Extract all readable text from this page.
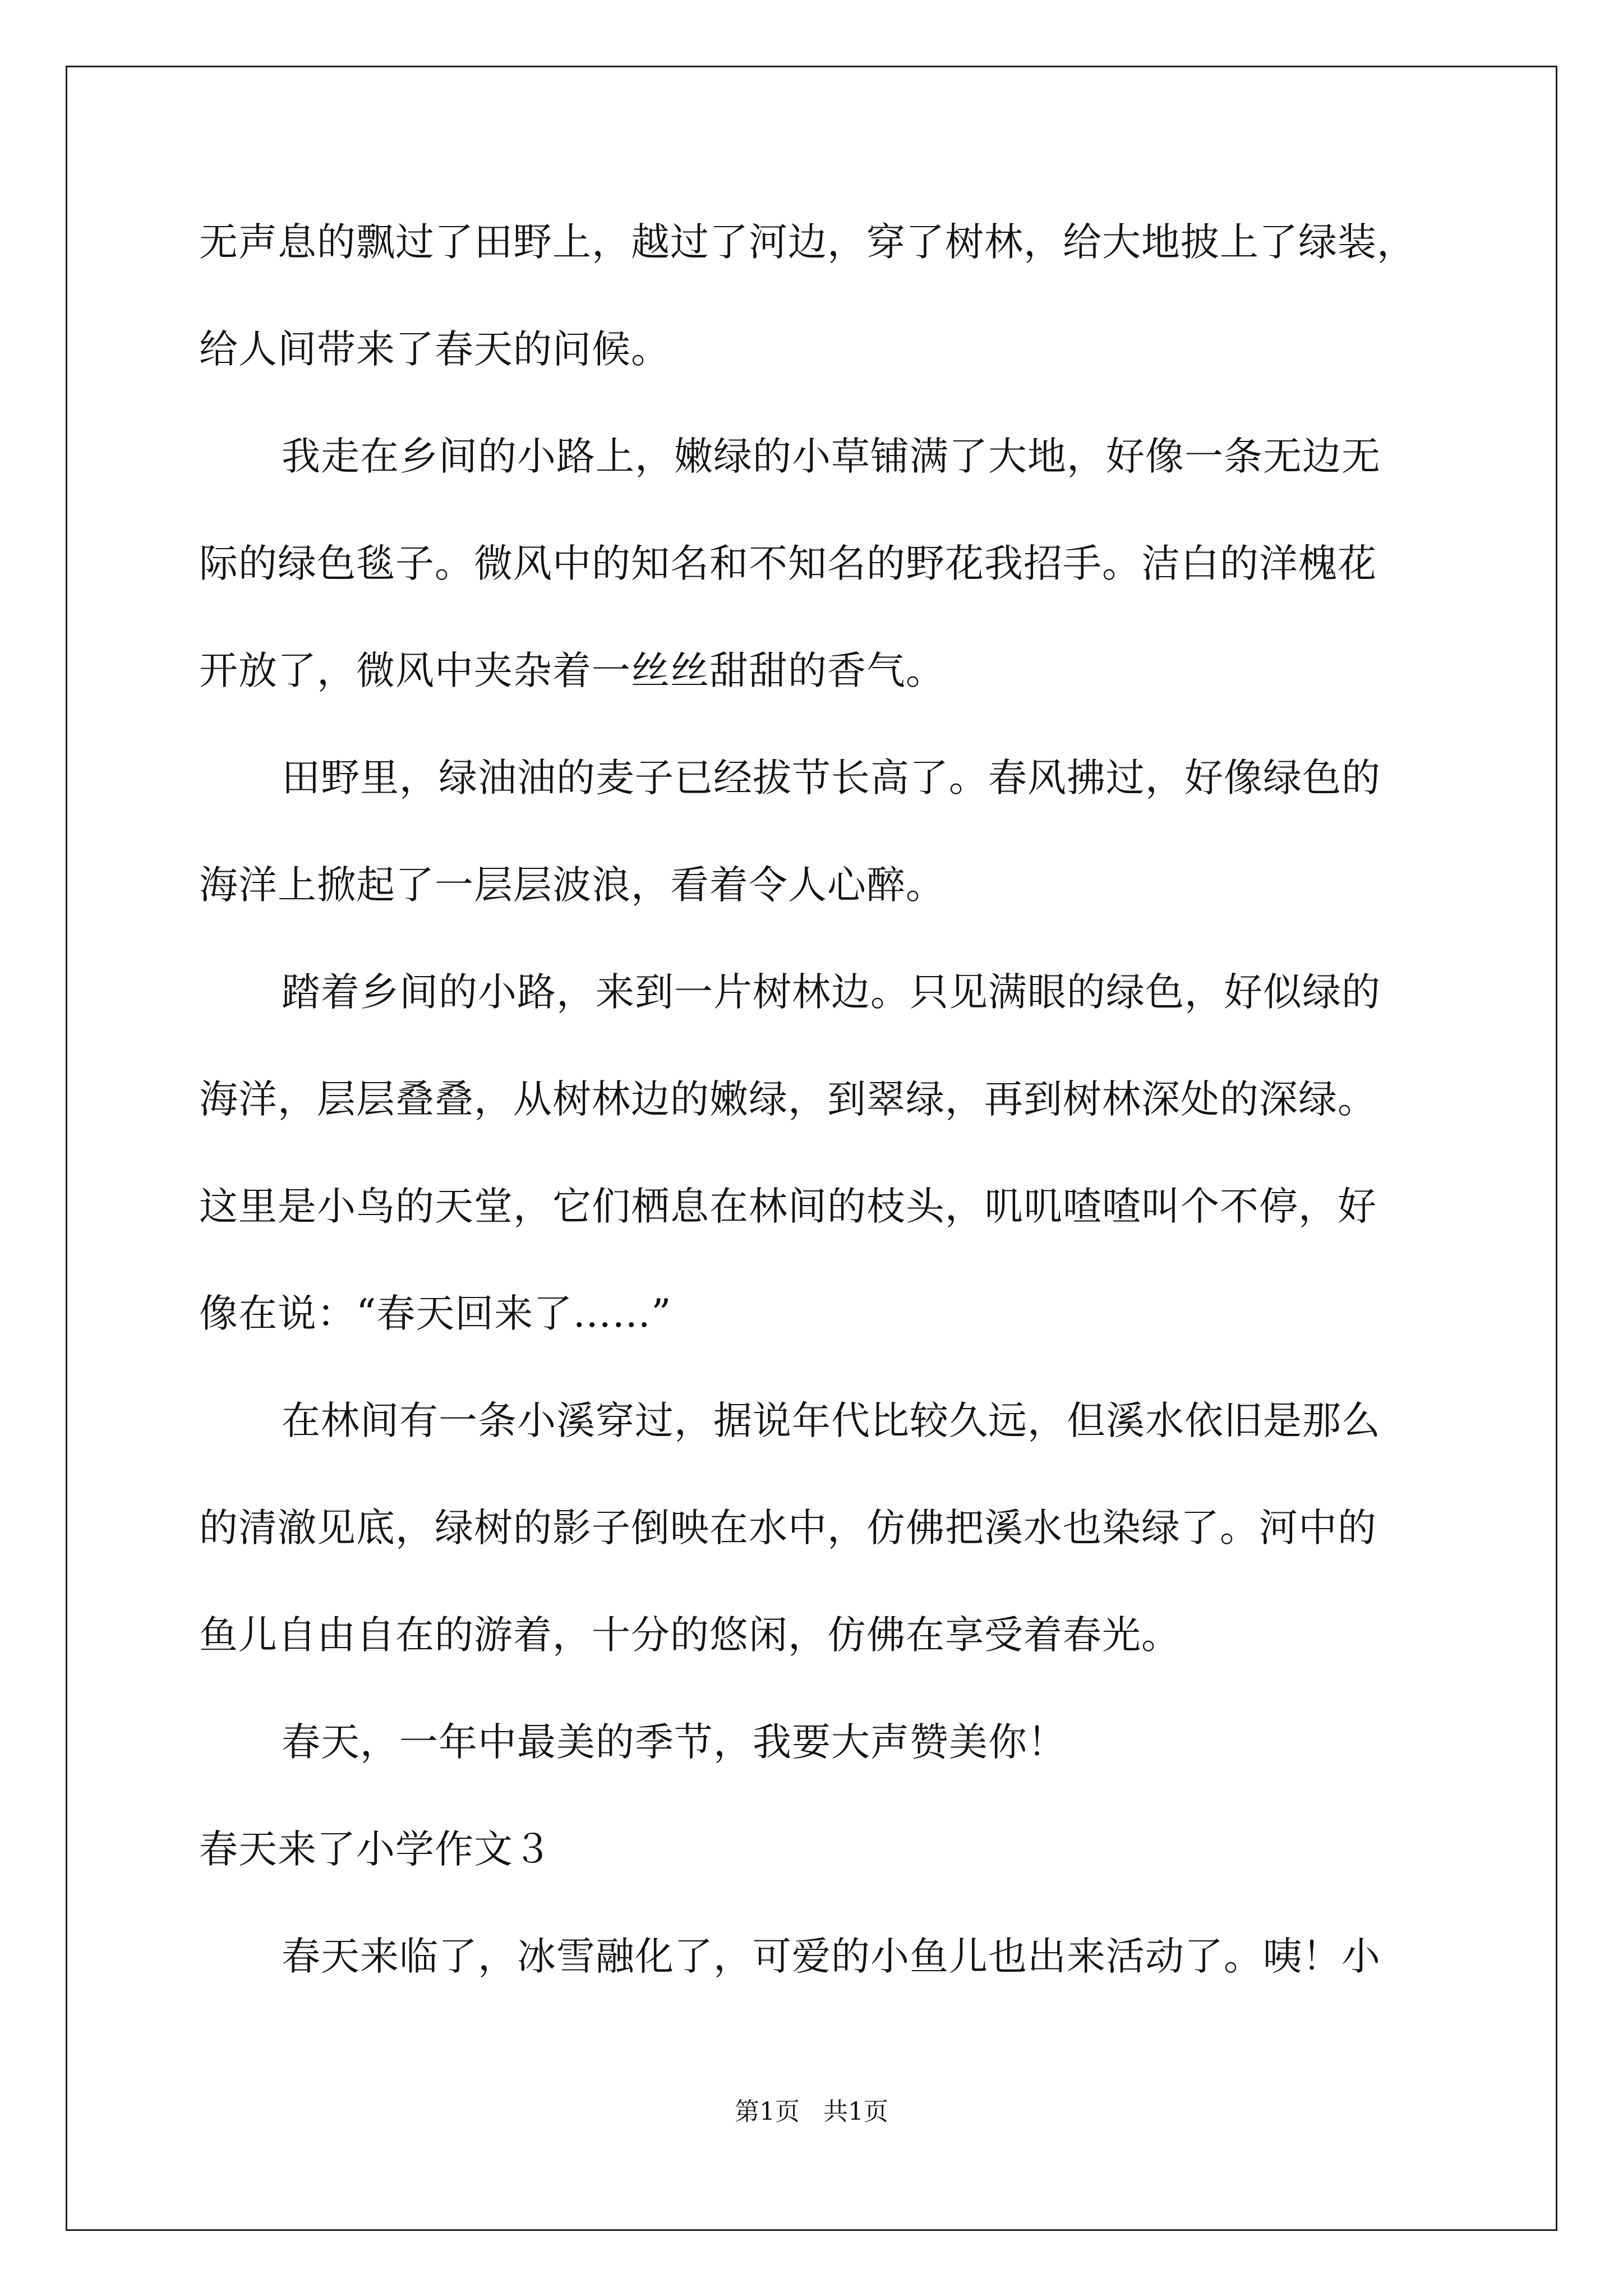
无声息的飘过了田野上，越过了河边，穿了树林，给大地披上了绿装，

给人间带来了春天的问候。

我走在乡间的小路上，嫩绿的小草铺满了大地，好像一条无边无

际的绿色毯子。微风中的知名和不知名的野花我招手。洁白的洋槐花

开放了，微风中夹杂着一丝丝甜甜的香气。

田野里，绿油油的麦子已经拔节长高了。春风拂过，好像绿色的

海洋上掀起了一层层波浪，看着令人心醉。

踏着乡间的小路，来到一片树林边。只见满眼的绿色，好似绿的

海洋，层层叠叠，从树林边的嫩绿，到翠绿，再到树林深处的深绿。

这里是小鸟的天堂，它们栖息在林间的枝头，叽叽喳喳叫个不停，好

像在说：“春天回来了……”

在林间有一条小溪穿过，据说年代比较久远，但溪水依旧是那么

的清澈见底，绿树的影子倒映在水中，仿佛把溪水也染绿了。河中的

鱼儿自由自在的游着，十分的悠闲，仿佛在享受着春光。

春天，一年中最美的季节，我要大声赞美你！

春天来了小学作文３

春天来临了，冰雪融化了，可爱的小鱼儿也出来活动了。咦！小

第1页   共1页
